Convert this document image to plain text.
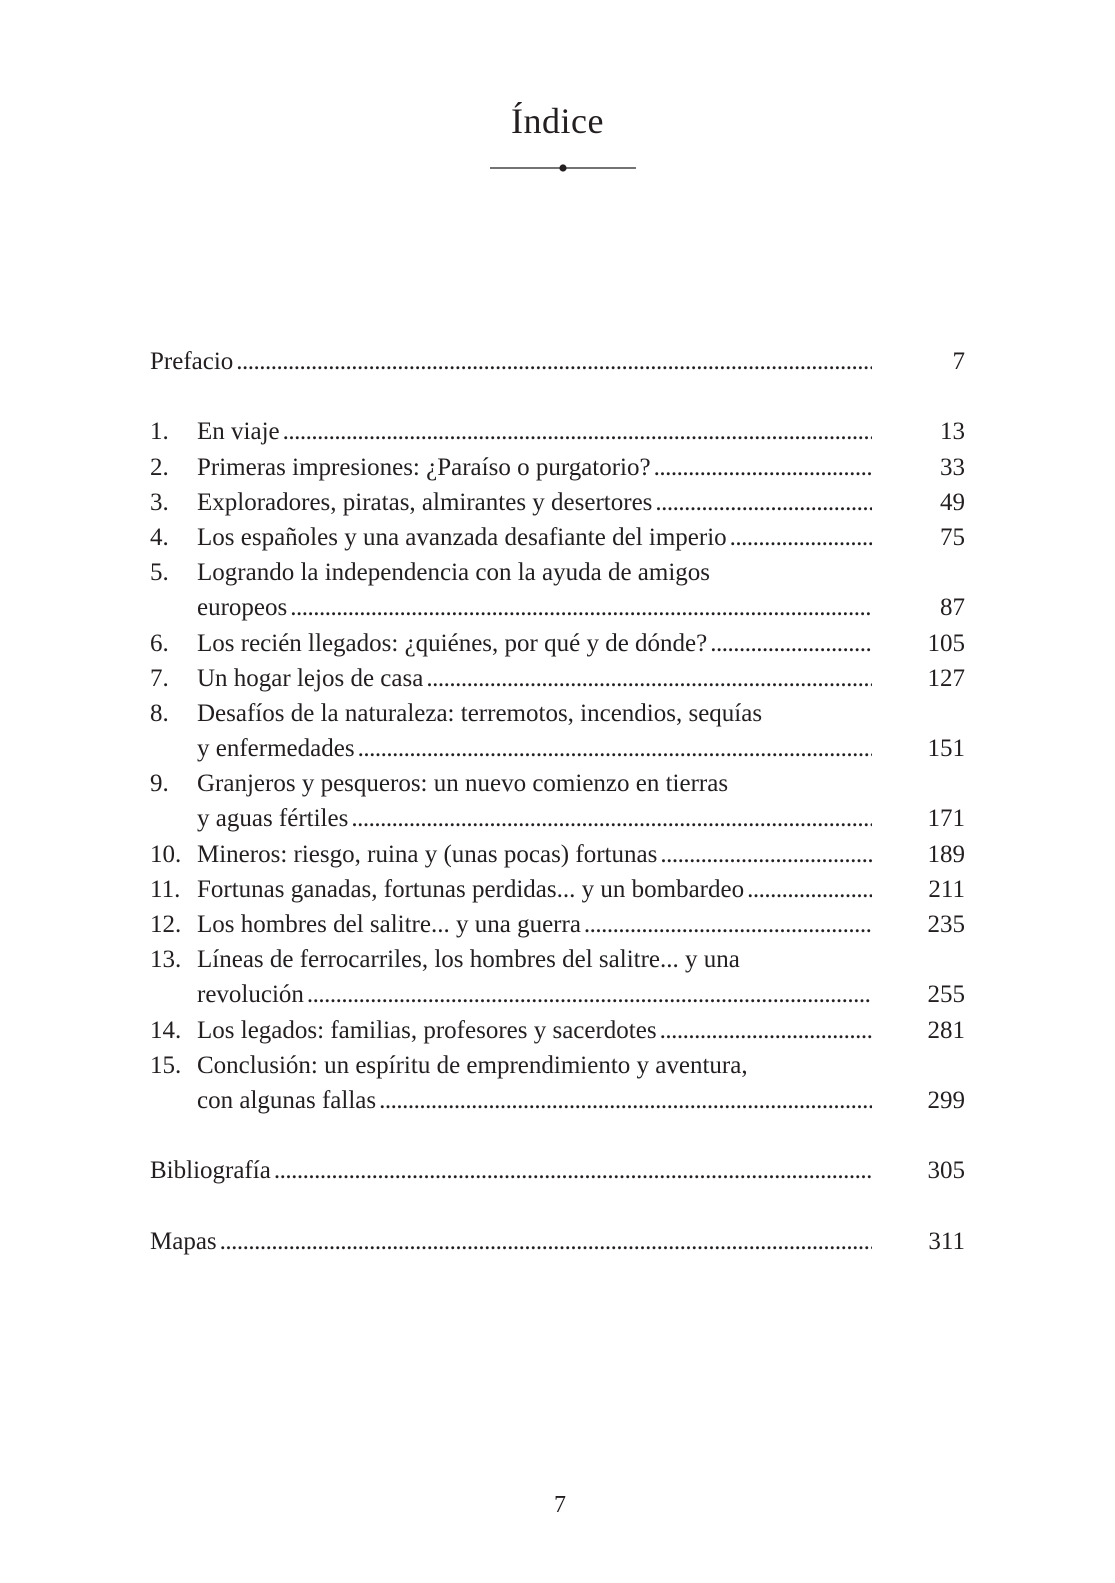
Índice
Prefacio .....	7
1.	En viaje .....	13
2.	Primeras impresiones: ¿Paraíso o purgatorio? .....	33
3.	Exploradores, piratas, almirantes y desertores .....	49
4.	Los españoles y una avanzada desafiante del imperio .....	75
5.	Logrando la independencia con la ayuda de amigos
europeos .....	87
6.	Los recién llegados: ¿quiénes, por qué y de dónde? .....	105
7.	Un hogar lejos de casa .....	127
8.	Desafíos de la naturaleza: terremotos, incendios, sequías
y enfermedades .....	151
9.	Granjeros y pesqueros: un nuevo comienzo en tierras
y aguas fértiles .....	171
10. Mineros: riesgo, ruina y (unas pocas) fortunas .....	189
11. Fortunas ganadas, fortunas perdidas... y un bombardeo .....	211
12. Los hombres del salitre... y una guerra .....	235
13. Líneas de ferrocarriles, los hombres del salitre... y una
revolución .....	255
14. Los legados: familias, profesores y sacerdotes .....	281
15. Conclusión: un espíritu de emprendimiento y aventura,
con algunas fallas .....	299
Bibliografía .....	305
Mapas .....	311
7
